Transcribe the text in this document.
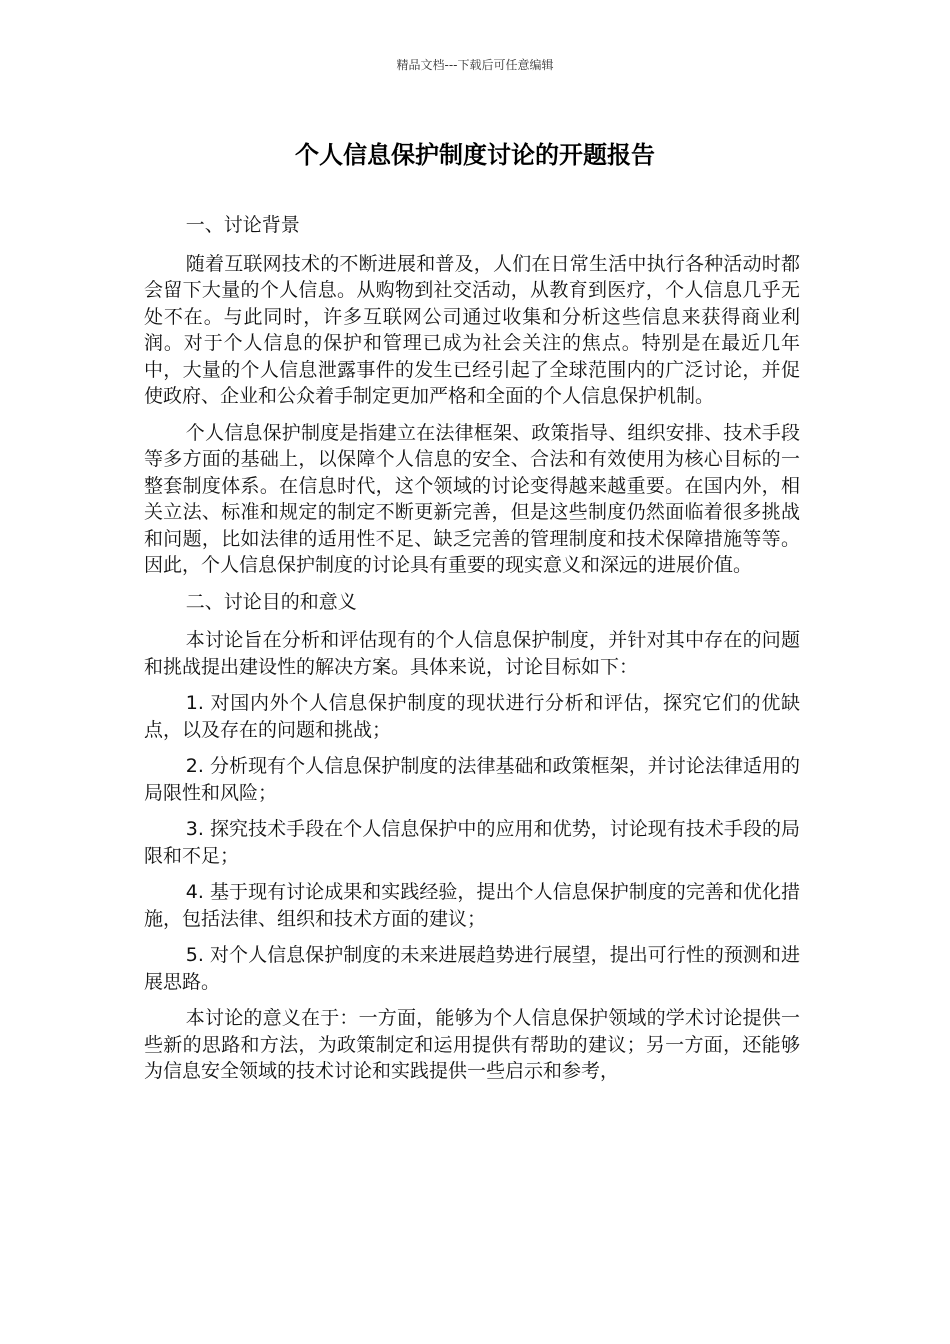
精品文档---下载后可任意编辑
个人信息保护制度讨论的开题报告

一、讨论背景

随着互联网技术的不断进展和普及，人们在日常生活中执行各种活动时都会留下大量的个人信息。从购物到社交活动，从教育到医疗，个人信息几乎无处不在。与此同时，许多互联网公司通过收集和分析这些信息来获得商业利润。对于个人信息的保护和管理已成为社会关注的焦点。特别是在最近几年中，大量的个人信息泄露事件的发生已经引起了全球范围内的广泛讨论，并促使政府、企业和公众着手制定更加严格和全面的个人信息保护机制。

个人信息保护制度是指建立在法律框架、政策指导、组织安排、技术手段等多方面的基础上，以保障个人信息的安全、合法和有效使用为核心目标的一整套制度体系。在信息时代，这个领域的讨论变得越来越重要。在国内外，相关立法、标准和规定的制定不断更新完善，但是这些制度仍然面临着很多挑战和问题，比如法律的适用性不足、缺乏完善的管理制度和技术保障措施等等。因此，个人信息保护制度的讨论具有重要的现实意义和深远的进展价值。

二、讨论目的和意义

本讨论旨在分析和评估现有的个人信息保护制度，并针对其中存在的问题和挑战提出建设性的解决方案。具体来说，讨论目标如下：

1. 对国内外个人信息保护制度的现状进行分析和评估，探究它们的优缺点，以及存在的问题和挑战；

2. 分析现有个人信息保护制度的法律基础和政策框架，并讨论法律适用的局限性和风险；

3. 探究技术手段在个人信息保护中的应用和优势，讨论现有技术手段的局限和不足；

4. 基于现有讨论成果和实践经验，提出个人信息保护制度的完善和优化措施，包括法律、组织和技术方面的建议；

5. 对个人信息保护制度的未来进展趋势进行展望，提出可行性的预测和进展思路。

本讨论的意义在于：一方面，能够为个人信息保护领域的学术讨论提供一些新的思路和方法，为政策制定和运用提供有帮助的建议；另一方面，还能够为信息安全领域的技术讨论和实践提供一些启示和参考，
